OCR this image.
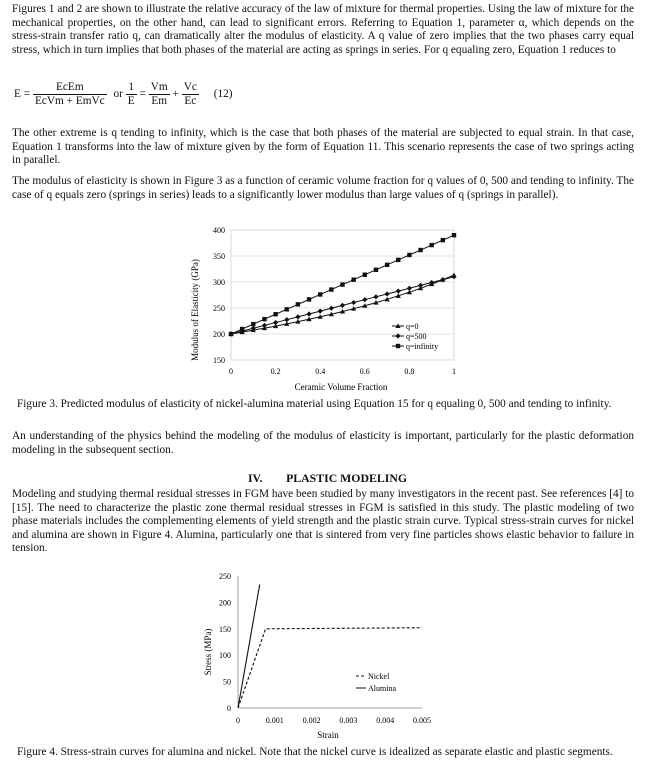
Figures 1 and 2 are shown to illustrate the relative accuracy of the law of mixture for thermal properties. Using the law of mixture for the mechanical properties, on the other hand, can lead to significant errors. Referring to Equation 1, parameter α, which depends on the stress-strain transfer ratio q, can dramatically alter the modulus of elasticity. A q value of zero implies that the two phases carry equal stress, which in turn implies that both phases of the material are acting as springs in series. For q equaling zero, Equation 1 reduces to

$E = \frac{\text{EcEm}}{\text{EcVm + EmVc}}$ or $\frac{1}{E} = \frac{Vm}{Em} + \frac{Vc}{Ec} (12)$

The other extreme is q tending to infinity, which is the case that both phases of the material are subjected to equal strain. In that case, Equation 1 transforms into the law of mixture given by the form of Equation 11. This scenario represents the case of two springs acting in parallel.

The modulus of elasticity is shown in Figure 3 as a function of ceramic volume fraction for q values of 0, 500 and tending to infinity. The case of q equals zero (springs in series) leads to a significantly lower modulus than large values of q (springs in parallel).

150
200
250
300
350
400
0	0.2	0.4	0.6	0.8	1
Modulus of Elasticity (GPa)
Ceramic Volume Fraction
q=0
q=500
q=infinity
Figure 3. Predicted modulus of elasticity of nickel-alumina material using Equation 15 for q equaling 0, 500 and tending to infinity.

An understanding of the physics behind the modeling of the modulus of elasticity is important, particularly for the plastic deformation modeling in the subsequent section.

IV.        PLASTIC MODELING

Modeling and studying thermal residual stresses in FGM have been studied by many investigators in the recent past. See references [4] to [15]. The need to characterize the plastic zone thermal residual stresses in FGM is satisfied in this study. The plastic modeling of two phase materials includes the complementing elements of yield strength and the plastic strain curve. Typical stress-strain curves for nickel and alumina are shown in Figure 4. Alumina, particularly one that is sintered from very fine particles shows elastic behavior to failure in tension.

0
50
100
150
200
250
0	0.001 0.002 0.003 0.004 0.005
Stress (MPa)
Strain
Nickel
Alumina
Figure 4. Stress-strain curves for alumina and nickel. Note that the nickel curve is idealized as separate elastic and plastic segments.
